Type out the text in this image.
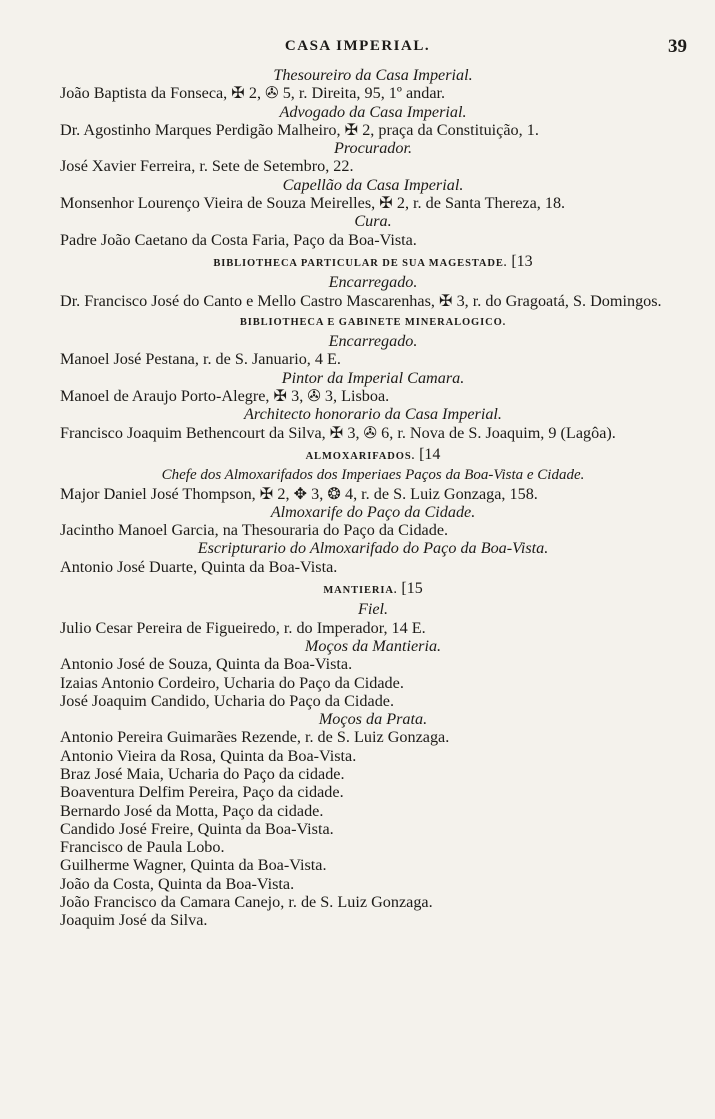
CASA IMPERIAL.	39
Thesoureiro da Casa Imperial.
João Baptista da Fonseca, ✠ 2, ✇ 5, r. Direita, 95, 1º andar.
Advogado da Casa Imperial.
Dr. Agostinho Marques Perdigão Malheiro, ✠ 2, praça da Constituição, 1.
Procurador.
José Xavier Ferreira, r. Sete de Setembro, 22.
Capellão da Casa Imperial.
Monsenhor Lourenço Vieira de Souza Meirelles, ✠ 2, r. de Santa Thereza, 18.
Cura.
Padre João Caetano da Costa Faria, Paço da Boa-Vista.
BIBLIOTHECA PARTICULAR DE SUA MAGESTADE. [13
Encarregado.
Dr. Francisco José do Canto e Mello Castro Mascarenhas, ✠ 3, r. do Gragoatá, S. Domingos.
BIBLIOTHECA E GABINETE MINERALOGICO.
Encarregado.
Manoel José Pestana, r. de S. Januario, 4 E.
Pintor da Imperial Camara.
Manoel de Araujo Porto-Alegre, ✠ 3, ✇ 3, Lisboa.
Architecto honorario da Casa Imperial.
Francisco Joaquim Bethencourt da Silva, ✠ 3, ✇ 6, r. Nova de S. Joaquim, 9 (Lagôa).
ALMOXARIFADOS. [14
Chefe dos Almoxarifados dos Imperiaes Paços da Boa-Vista e Cidade.
Major Daniel José Thompson, ✠ 2, ✥ 3, ❂ 4, r. de S. Luiz Gonzaga, 158.
Almoxarife do Paço da Cidade.
Jacintho Manoel Garcia, na Thesouraria do Paço da Cidade.
Escripturario do Almoxarifado do Paço da Boa-Vista.
Antonio José Duarte, Quinta da Boa-Vista.
MANTIERIA. [15
Fiel.
Julio Cesar Pereira de Figueiredo, r. do Imperador, 14 E.
Moços da Mantieria.
Antonio José de Souza, Quinta da Boa-Vista.
Izaias Antonio Cordeiro, Ucharia do Paço da Cidade.
José Joaquim Candido, Ucharia do Paço da Cidade.
Moços da Prata.
Antonio Pereira Guimarães Rezende, r. de S. Luiz Gonzaga.
Antonio Vieira da Rosa, Quinta da Boa-Vista.
Braz José Maia, Ucharia do Paço da cidade.
Boaventura Delfim Pereira, Paço da cidade.
Bernardo José da Motta, Paço da cidade.
Candido José Freire, Quinta da Boa-Vista.
Francisco de Paula Lobo.
Guilherme Wagner, Quinta da Boa-Vista.
João da Costa, Quinta da Boa-Vista.
João Francisco da Camara Canejo, r. de S. Luiz Gonzaga.
Joaquim José da Silva.
